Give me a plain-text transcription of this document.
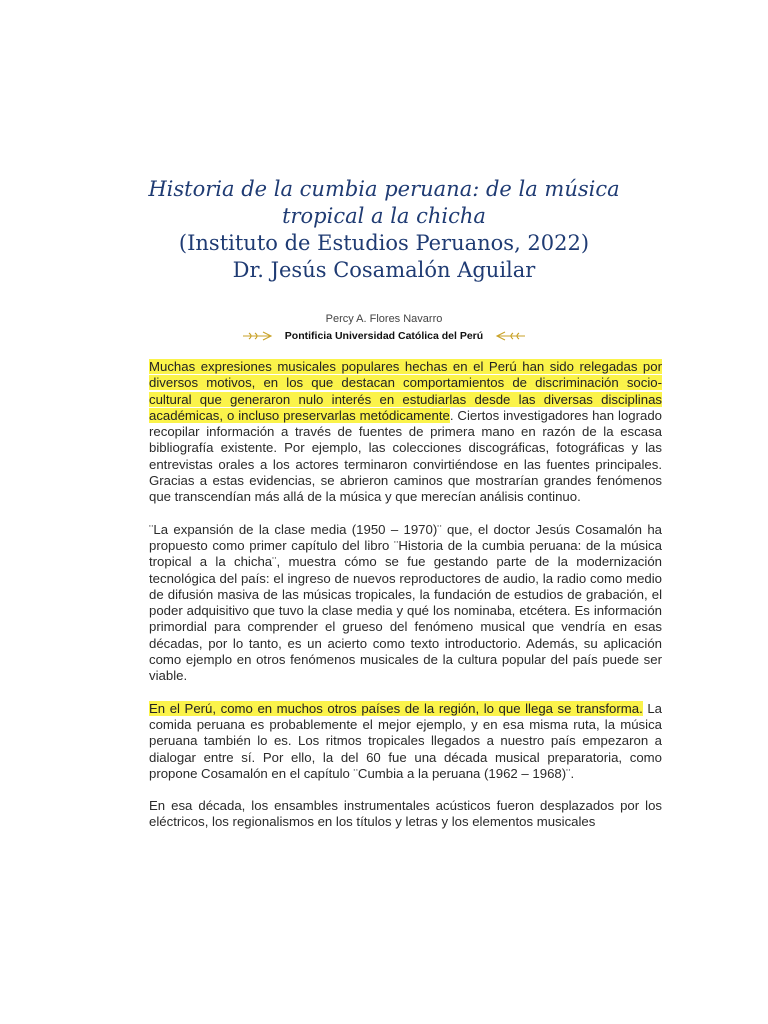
Historia de la cumbia peruana: de la música
tropical a la chicha
(Instituto de Estudios Peruanos, 2022)
Dr. Jesús Cosamalón Aguilar
Percy A. Flores Navarro
Pontificia Universidad Católica del Perú

Muchas expresiones musicales populares hechas en el Perú han sido relegadas por diversos motivos, en los que destacan comportamientos de discriminación socio-cultural que generaron nulo interés en estudiarlas desde las diversas disciplinas académicas, o incluso preservarlas metódicamente. Ciertos investigadores han logrado recopilar información a través de fuentes de primera mano en razón de la escasa bibliografía existente. Por ejemplo, las colecciones discográficas, fotográficas y las entrevistas orales a los actores terminaron convirtiéndose en las fuentes principales. Gracias a estas evidencias, se abrieron caminos que mostrarían grandes fenómenos que transcendían más allá de la música y que merecían análisis continuo.

¨La expansión de la clase media (1950 – 1970)¨ que, el doctor Jesús Cosamalón ha propuesto como primer capítulo del libro ¨Historia de la cumbia peruana: de la música tropical a la chicha¨, muestra cómo se fue gestando parte de la modernización tecnológica del país: el ingreso de nuevos reproductores de audio, la radio como medio de difusión masiva de las músicas tropicales, la fundación de estudios de grabación, el poder adquisitivo que tuvo la clase media y qué los nominaba, etcétera. Es información primordial para comprender el grueso del fenómeno musical que vendría en esas décadas, por lo tanto, es un acierto como texto introductorio. Además, su aplicación como ejemplo en otros fenómenos musicales de la cultura popular del país puede ser viable.

En el Perú, como en muchos otros países de la región, lo que llega se transforma. La comida peruana es probablemente el mejor ejemplo, y en esa misma ruta, la música peruana también lo es. Los ritmos tropicales llegados a nuestro país empezaron a dialogar entre sí. Por ello, la del 60 fue una década musical preparatoria, como propone Cosamalón en el capítulo ¨Cumbia a la peruana (1962 – 1968)¨.

En esa década, los ensambles instrumentales acústicos fueron desplazados por los eléctricos, los regionalismos en los títulos y letras y los elementos musicales
